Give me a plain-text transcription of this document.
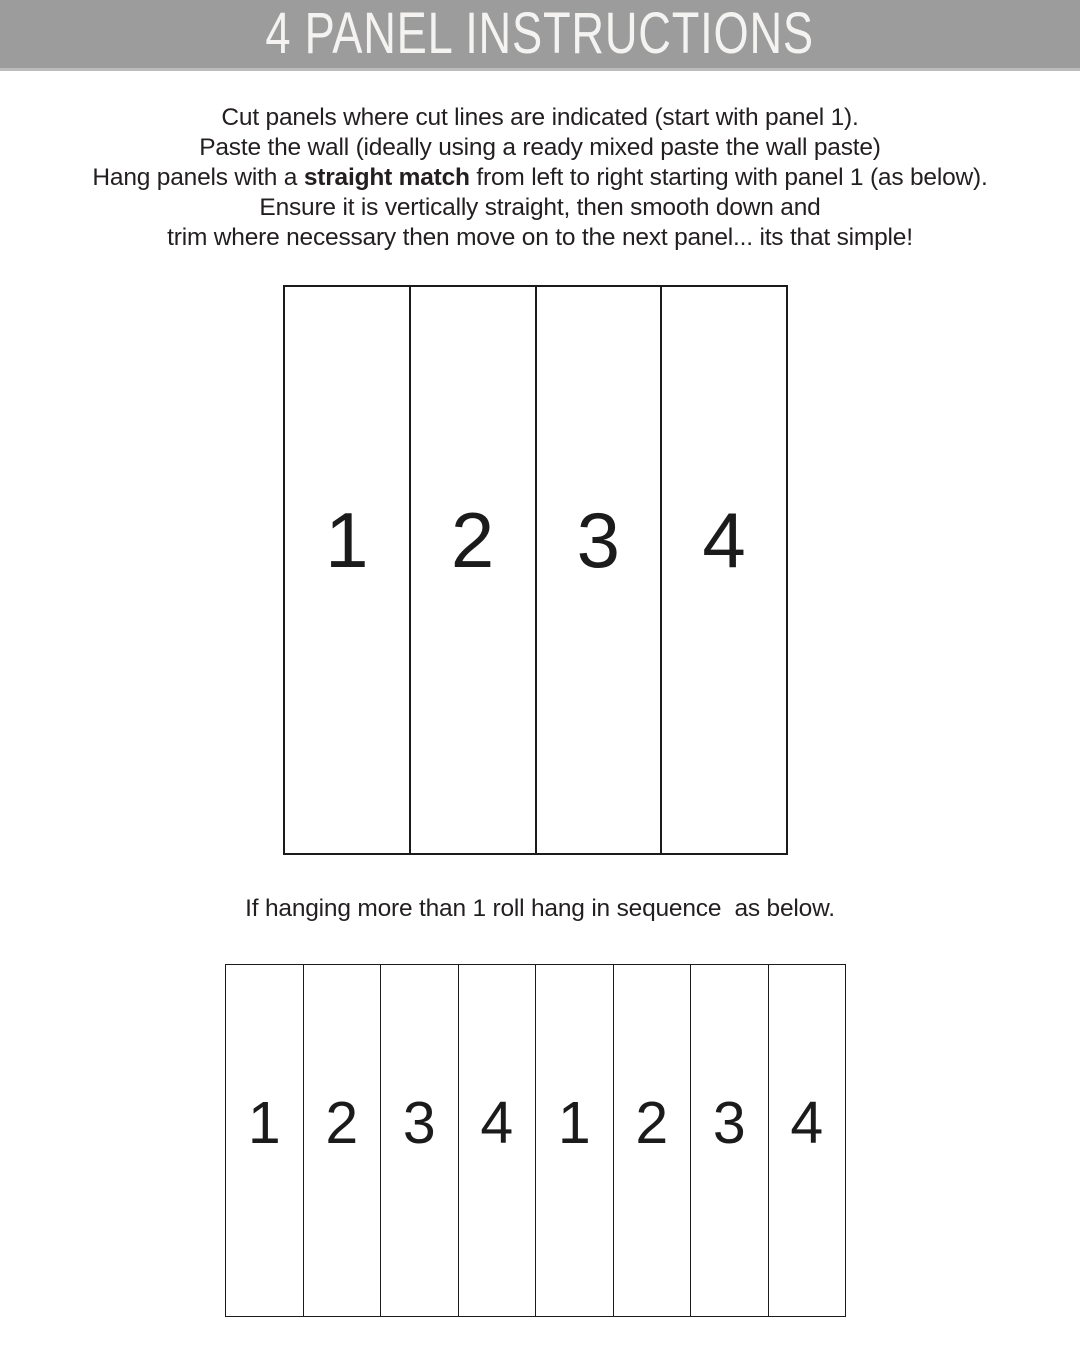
4 PANEL INSTRUCTIONS

Cut panels where cut lines are indicated (start with panel 1).

Paste the wall (ideally using a ready mixed paste the wall paste)

Hang panels with a straight match from left to right starting with panel 1 (as below).

Ensure it is vertically straight, then smooth down and

trim where necessary then move on to the next panel... its that simple!

1 2 3 4

If hanging more than 1 roll hang in sequence  as below.

1 2 3 4 1 2 3 4
